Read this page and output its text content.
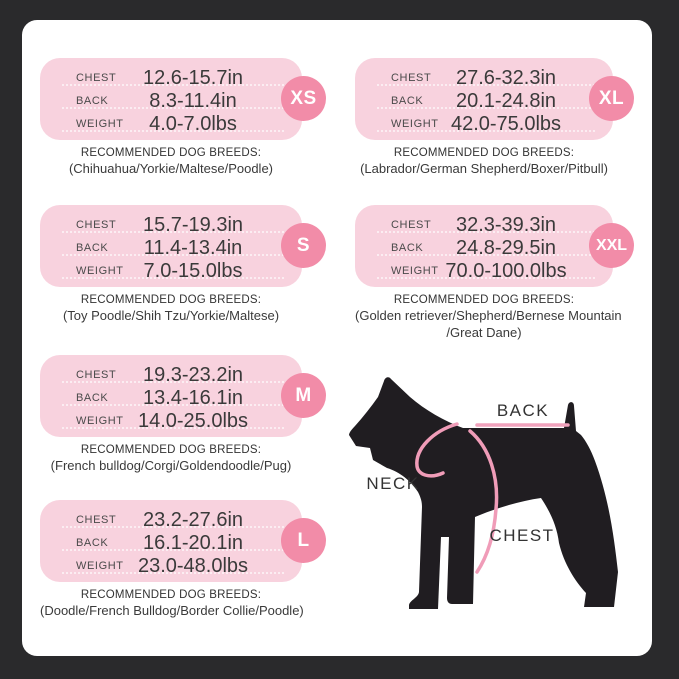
CHEST	12.6-15.7in
BACK	8.3-11.4in
WEIGHT	4.0-7.0lbs
XS
RECOMMENDED DOG BREEDS:
(Chihuahua/Yorkie/Maltese/Poodle)
CHEST	15.7-19.3in
BACK	11.4-13.4in
WEIGHT 7.0-15.0lbs
S
RECOMMENDED DOG BREEDS:
(Toy Poodle/Shih Tzu/Yorkie/Maltese)
CHEST	19.3-23.2in
BACK	13.4-16.1in
WEIGHT 14.0-25.0lbs
M
RECOMMENDED DOG BREEDS:
(French bulldog/Corgi/Goldendoodle/Pug)
CHEST	23.2-27.6in
BACK	16.1-20.1in
WEIGHT 23.0-48.0lbs
L
RECOMMENDED DOG BREEDS:
(Doodle/French Bulldog/Border Collie/Poodle)
CHEST	27.6-32.3in
BACK	20.1-24.8in
WEIGHT 42.0-75.0lbs
XL
RECOMMENDED DOG BREEDS:
(Labrador/German Shepherd/Boxer/Pitbull)
CHEST	32.3-39.3in
BACK	24.8-29.5in
WEIGHT 70.0-100.0lbs
XXL
RECOMMENDED DOG BREEDS:
(Golden retriever/Shepherd/Bernese Mountain
/Great Dane)
BACK
NECK
CHEST
